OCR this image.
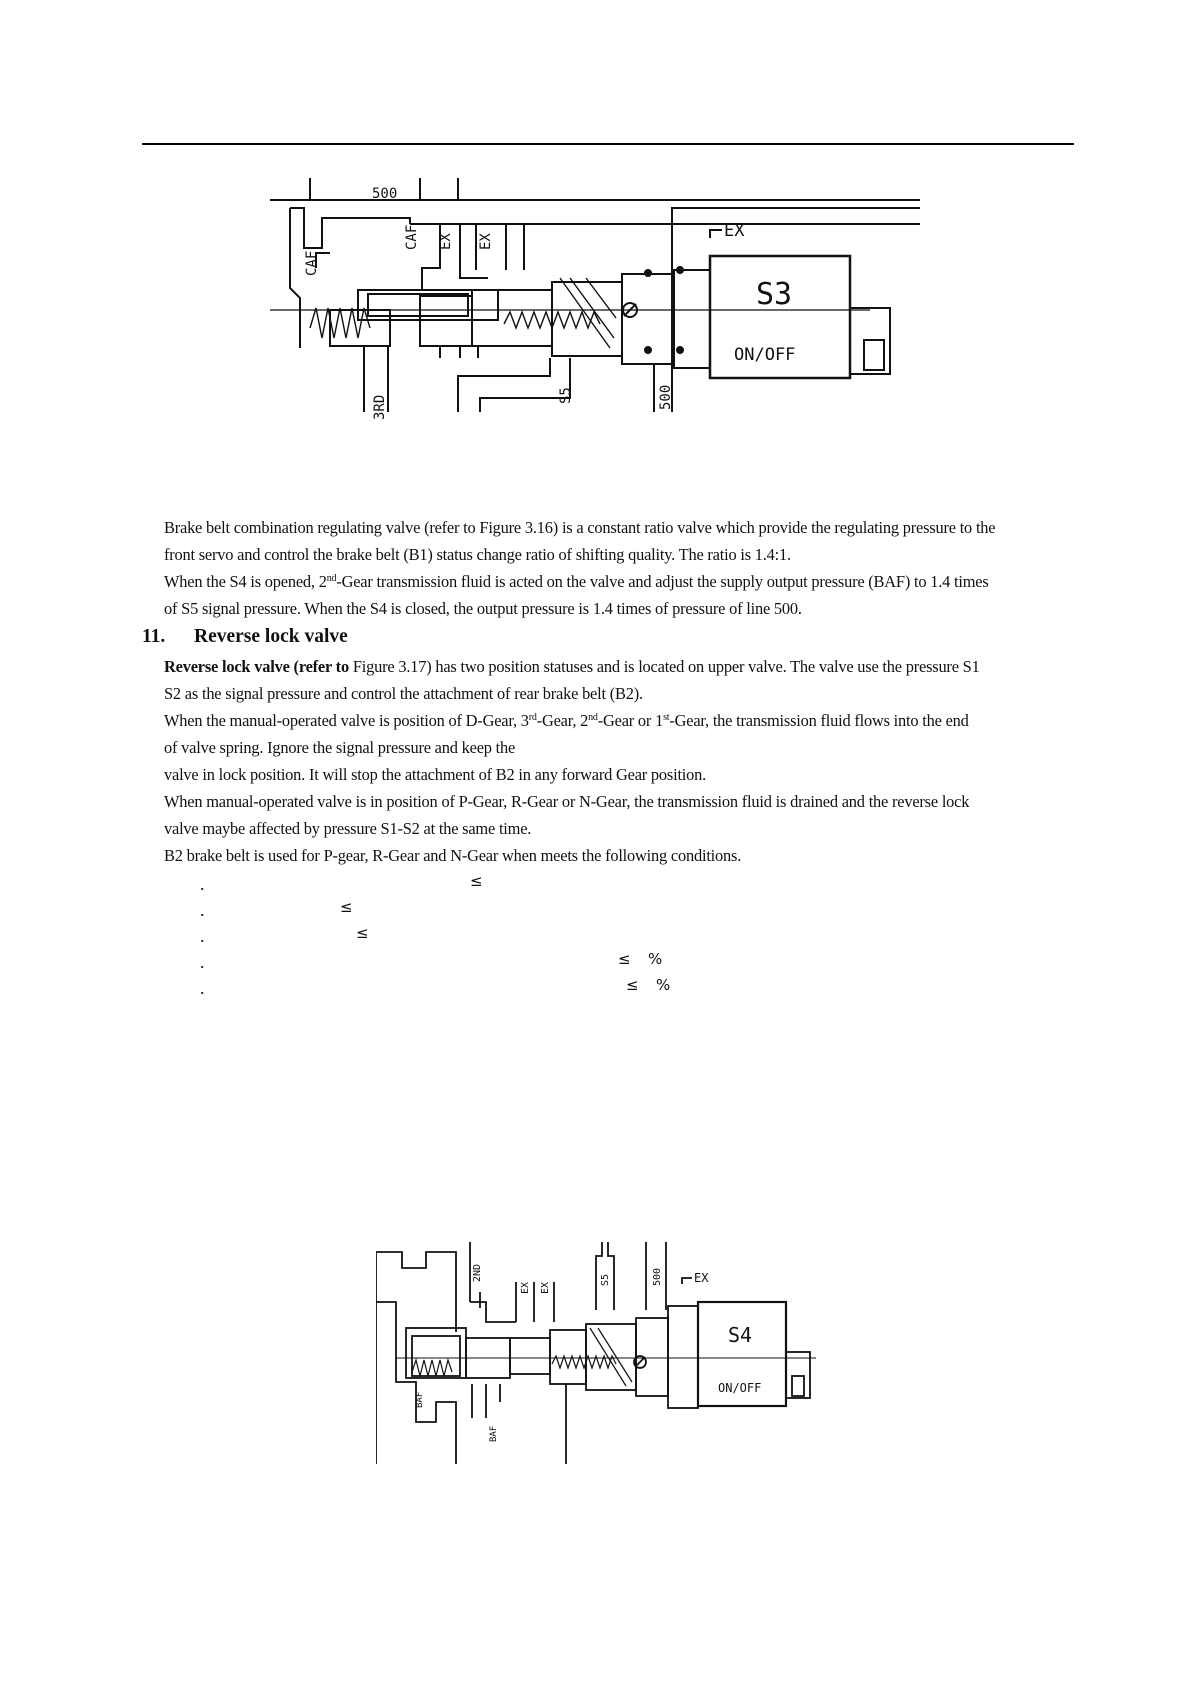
500
CAF
CAF EX EX
EX
S5	500
3RD
S3
ON/OFF

Brake belt combination regulating valve (refer to Figure 3.16) is a constant ratio valve which provide the regulating pressure to the

front servo and control the brake belt (B1) status change ratio of shifting quality. The ratio is 1.4:1.

When the S4 is opened, 2nd-Gear transmission fluid is acted on the valve and adjust the supply output pressure (BAF) to 1.4 times

of S5 signal pressure. When the S4 is closed, the output pressure is 1.4 times of pressure of line 500.

11. Reverse lock valve

Reverse lock valve (refer to Figure 3.17) has two position statuses and is located on upper valve. The valve use the pressure S1

S2 as the signal pressure and control the attachment of rear brake belt (B2).

When the manual-operated valve is position of D-Gear, 3rd-Gear, 2nd-Gear or 1st-Gear, the transmission fluid flows into the end

of valve spring. Ignore the signal pressure and keep the

valve in lock position. It will stop the attachment of B2 in any forward Gear position.

When manual-operated valve is in position of P-Gear, R-Gear or N-Gear, the transmission fluid is drained and the reverse lock

valve maybe affected by pressure S1-S2 at the same time.

B2 brake belt is used for P-gear, R-Gear and N-Gear when meets the following conditions.

.	≤
.	≤
.	≤
.	≤ %
.	≤ %
2ND
EX EX
S5	500	EX
S4
ON/OFF
BAF
BAF
